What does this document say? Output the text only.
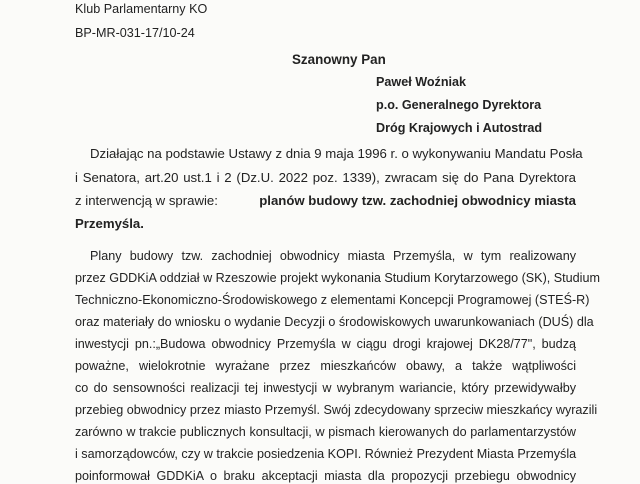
Klub Parlamentarny KO
BP-MR-031-17/10-24
Szanowny Pan
Paweł Woźniak
p.o. Generalnego Dyrektora
Dróg Krajowych i Autostrad
Działając na podstawie Ustawy z dnia 9 maja 1996 r. o wykonywaniu Mandatu Posła
i Senatora, art.20 ust.1 i 2 (Dz.U. 2022 poz. 1339), zwracam się do Pana Dyrektora
z interwencją w sprawie:	planów budowy tzw. zachodniej obwodnicy miasta
Przemyśla.
Plany budowy tzw. zachodniej obwodnicy miasta Przemyśla, w tym realizowany
przez GDDKiA oddział w Rzeszowie projekt wykonania Studium Korytarzowego (SK), Studium
Techniczno-Ekonomiczno-Środowiskowego z elementami Koncepcji Programowej (STEŚ-R)
oraz materiały do wniosku o wydanie Decyzji o środowiskowych uwarunkowaniach (DUŚ) dla
inwestycji pn.:„Budowa obwodnicy Przemyśla w ciągu drogi krajowej DK28/77", budzą
poważne, wielokrotnie wyrażane przez mieszkańców obawy, a także wątpliwości
co do sensowności realizacji tej inwestycji w wybranym wariancie, który przewidywałby
przebieg obwodnicy przez miasto Przemyśl. Swój zdecydowany sprzeciw mieszkańcy wyrazili
zarówno w trakcie publicznych konsultacji, w pismach kierowanych do parlamentarzystów
i samorządowców, czy w trakcie posiedzenia KOPI. Również Prezydent Miasta Przemyśla
poinformował GDDKiA o braku akceptacji miasta dla propozycji przebiegu obwodnicy
